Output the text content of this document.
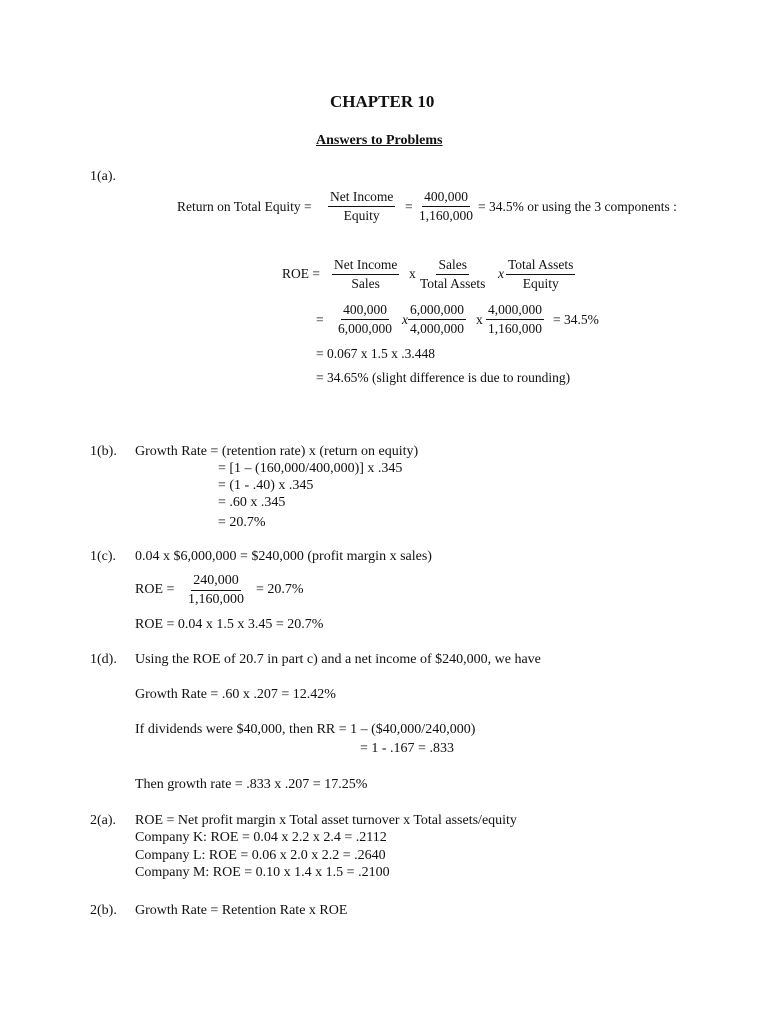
CHAPTER 10
Answers to Problems
1(a).
Return on Total Equity =
Net Income
Equity
= $\frac{400,000}{1,160,000} = 34.5\%$ or using the 3 components :
ROE =
Net Income
Sales
x
Sales
Total Assets
x
Total Assets
Equity
= $\frac{400,000}{6,000,000}$ x $\frac{6,000,000}{4,000,000}$ x $\frac{4,000,000}{1,160,000} = 34.5\%$
= 0.067 x 1.5 x .3.448
= 34.65% (slight difference is due to rounding)
1(b). Growth Rate = (retention rate) x (return on equity)
= [1 – (160,000/400,000)] x .345
= (1 - .40) x .345
= .60 x .345
= 20.7%
1(c). 0.04 x $6,000,000 = $240,000 (profit margin x sales)
ROE = $\frac{240,000}{1,160,000} = 20.7\%$
ROE = 0.04 x 1.5 x 3.45 = 20.7%
1(d). Using the ROE of 20.7 in part c) and a net income of $240,000, we have
Growth Rate = .60 x .207 = 12.42%
If dividends were $40,000, then RR = 1 – ($40,000/240,000)
= 1 - .167 = .833
Then growth rate = .833 x .207 = 17.25%
2(a). ROE = Net profit margin x Total asset turnover x Total assets/equity
Company K: ROE = 0.04 x 2.2 x 2.4 = .2112
Company L: ROE = 0.06 x 2.0 x 2.2 = .2640
Company M: ROE = 0.10 x 1.4 x 1.5 = .2100
2(b). Growth Rate = Retention Rate x ROE
